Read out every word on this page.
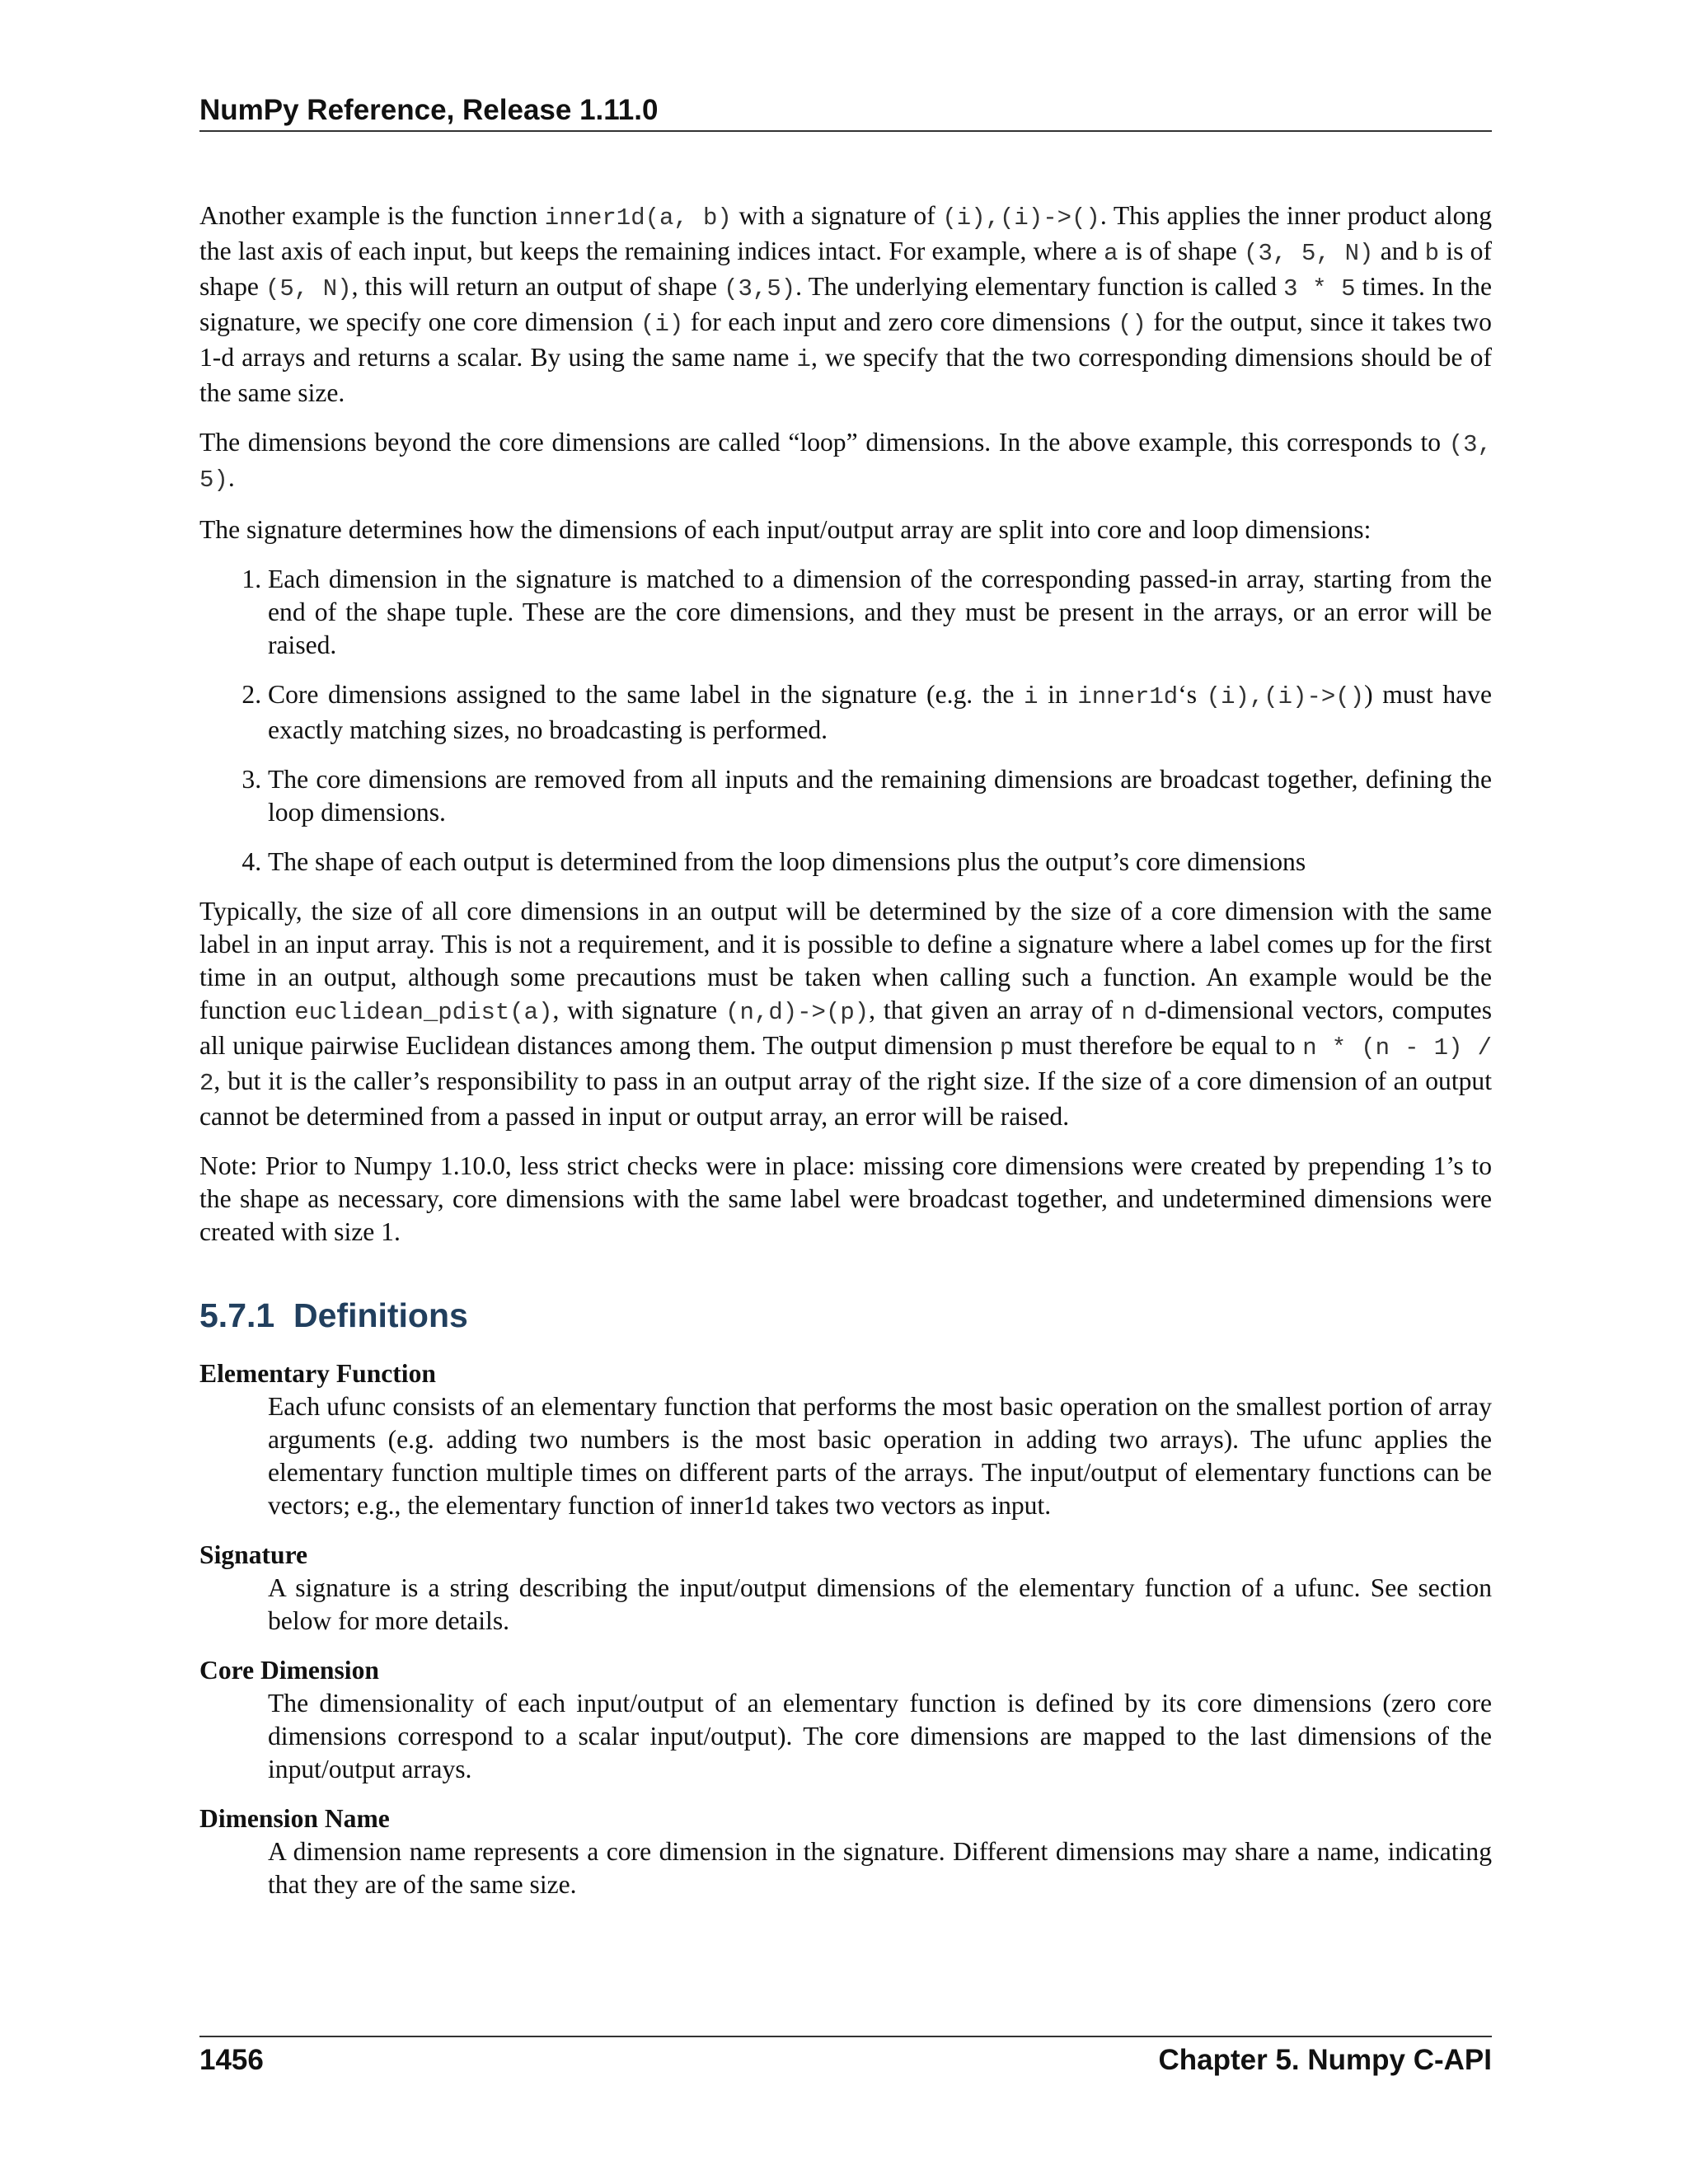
NumPy Reference, Release 1.11.0

Another example is the function inner1d(a, b) with a signature of (i),(i)->(). This applies the inner product along the last axis of each input, but keeps the remaining indices intact. For example, where a is of shape (3, 5, N) and b is of shape (5, N), this will return an output of shape (3,5). The underlying elementary function is called 3 * 5 times. In the signature, we specify one core dimension (i) for each input and zero core dimensions () for the output, since it takes two 1-d arrays and returns a scalar. By using the same name i, we specify that the two corresponding dimensions should be of the same size.

The dimensions beyond the core dimensions are called “loop” dimensions. In the above example, this corresponds to (3, 5).

The signature determines how the dimensions of each input/output array are split into core and loop dimensions:

1. Each dimension in the signature is matched to a dimension of the corresponding passed-in array, starting from the end of the shape tuple. These are the core dimensions, and they must be present in the arrays, or an error will be raised.
2. Core dimensions assigned to the same label in the signature (e.g. the i in inner1d‘s (i),(i)->()) must have exactly matching sizes, no broadcasting is performed.
3. The core dimensions are removed from all inputs and the remaining dimensions are broadcast together, defining the loop dimensions.
4. The shape of each output is determined from the loop dimensions plus the output’s core dimensions

Typically, the size of all core dimensions in an output will be determined by the size of a core dimension with the same label in an input array. This is not a requirement, and it is possible to define a signature where a label comes up for the first time in an output, although some precautions must be taken when calling such a function. An example would be the function euclidean_pdist(a), with signature (n,d)->(p), that given an array of n d-dimensional vectors, computes all unique pairwise Euclidean distances among them. The output dimension p must therefore be equal to n * (n - 1) / 2, but it is the caller’s responsibility to pass in an output array of the right size. If the size of a core dimension of an output cannot be determined from a passed in input or output array, an error will be raised.

Note: Prior to Numpy 1.10.0, less strict checks were in place: missing core dimensions were created by prepending 1’s to the shape as necessary, core dimensions with the same label were broadcast together, and undetermined dimensions were created with size 1.

5.7.1 Definitions
Elementary Function
Each ufunc consists of an elementary function that performs the most basic operation on the smallest portion of array arguments (e.g. adding two numbers is the most basic operation in adding two arrays). The ufunc applies the elementary function multiple times on different parts of the arrays. The input/output of elementary functions can be vectors; e.g., the elementary function of inner1d takes two vectors as input.
Signature
A signature is a string describing the input/output dimensions of the elementary function of a ufunc. See section below for more details.
Core Dimension
The dimensionality of each input/output of an elementary function is defined by its core dimensions (zero core dimensions correspond to a scalar input/output). The core dimensions are mapped to the last dimensions of the input/output arrays.
Dimension Name
A dimension name represents a core dimension in the signature. Different dimensions may share a name, indicating that they are of the same size.
1456	Chapter 5. Numpy C-API
